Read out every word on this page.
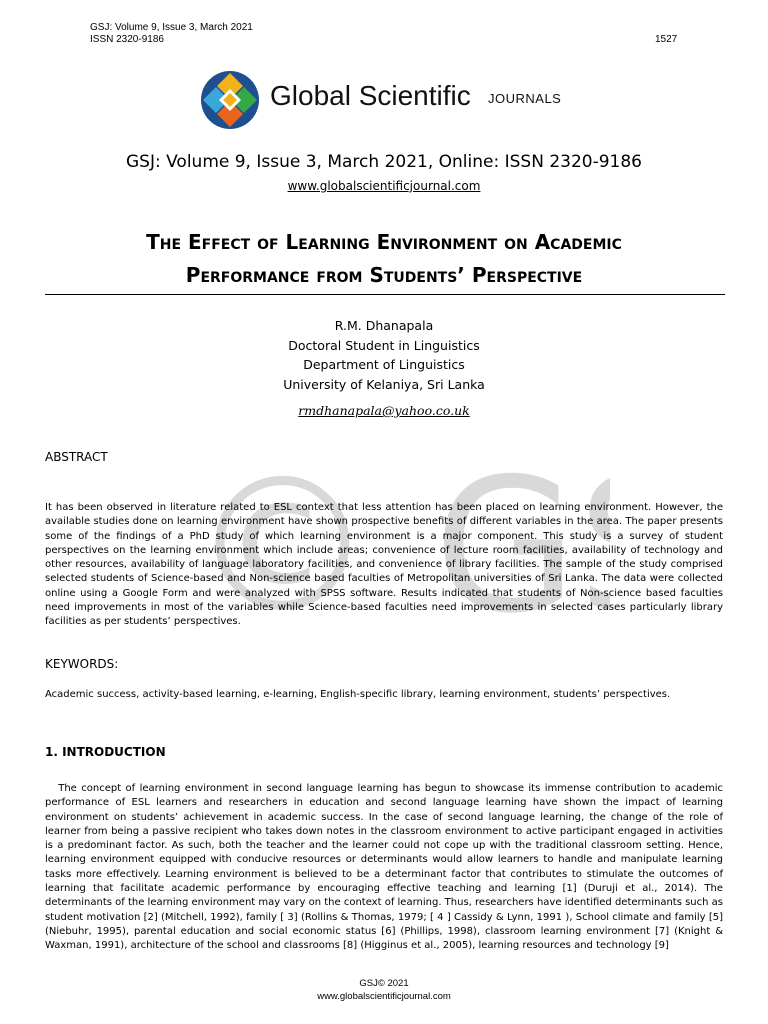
GSJ: Volume 9, Issue 3, March 2021
ISSN 2320-9186	1527
Global Scientific JOURNALS
GSJ: Volume 9, Issue 3, March 2021, Online: ISSN 2320-9186
www.globalscientificjournal.com
The Effect of Learning Environment on Academic
Performance from Students’ Perspective
R.M. Dhanapala
Doctoral Student in Linguistics
Department of Linguistics
University of Kelaniya, Sri Lanka
rmdhanapala@yahoo.co.uk
© G
ABSTRACT
It has been observed in literature related to ESL context that less attention has been placed on learning environment. However, the available studies done on learning environment have shown prospective benefits of different variables in the area. The paper presents some of the findings of a PhD study of which learning environment is a major component. This study is a survey of student perspectives on the learning environment which include areas; convenience of lecture room facilities, availability of technology and other resources, availability of language laboratory facilities, and convenience of library facilities. The sample of the study comprised selected students of Science-based and Non-science based faculties of Metropolitan universities of Sri Lanka. The data were collected online using a Google Form and were analyzed with SPSS software. Results indicated that students of Non-science based faculties need improvements in most of the variables while Science-based faculties need improvements in selected cases particularly library facilities as per students’ perspectives.
KEYWORDS:
Academic success, activity-based learning, e-learning, English-specific library, learning environment, students’ perspectives.
1. INTRODUCTION
The concept of learning environment in second language learning has begun to showcase its immense contribution to academic performance of ESL learners and researchers in education and second language learning have shown the impact of learning environment on students’ achievement in academic success. In the case of second language learning, the change of the role of learner from being a passive recipient who takes down notes in the classroom environment to active participant engaged in activities is a predominant factor. As such, both the teacher and the learner could not cope up with the traditional classroom setting. Hence, learning environment equipped with conducive resources or determinants would allow learners to handle and manipulate learning tasks more effectively. Learning environment is believed to be a determinant factor that contributes to stimulate the outcomes of learning that facilitate academic performance by encouraging effective teaching and learning [1] (Duruji et al., 2014). The determinants of the learning environment may vary on the context of learning. Thus, researchers have identified determinants such as student motivation [2] (Mitchell, 1992), family [ 3] (Rollins & Thomas, 1979; [ 4 ] Cassidy & Lynn, 1991 ), School climate and family [5] (Niebuhr, 1995), parental education and social economic status [6] (Phillips, 1998), classroom learning environment [7] (Knight & Waxman, 1991), architecture of the school and classrooms [8] (Higginus et al., 2005), learning resources and technology [9]
GSJ© 2021
www.globalscientificjournal.com
